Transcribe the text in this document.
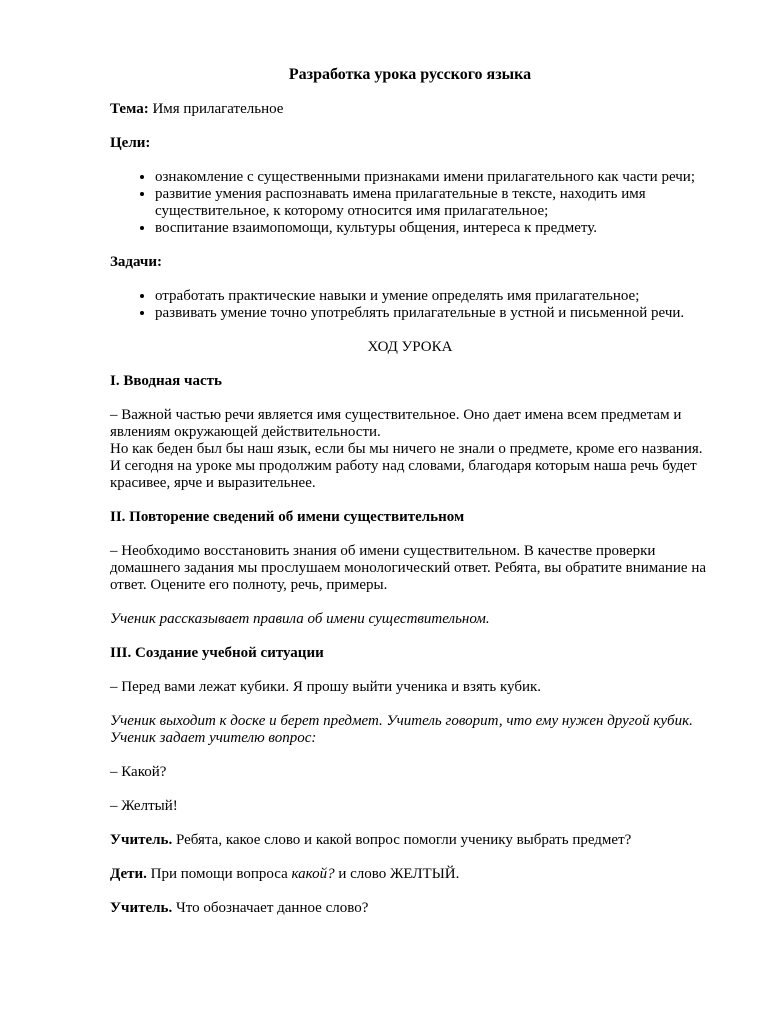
Разработка урока русского языка

Тема: Имя прилагательное

Цели:

• ознакомление с существенными признаками имени прилагательного как части речи;
• развитие умения распознавать имена прилагательные в тексте, находить имя существительное, к которому относится имя прилагательное;
• воспитание взаимопомощи, культуры общения, интереса к предмету.

Задачи:

• отработать практические навыки и умение определять имя прилагательное;
• развивать умение точно употреблять прилагательные в устной и письменной речи.

ХОД УРОКА

I. Вводная часть

– Важной частью речи является имя существительное. Оно дает имена всем предметам и явлениям окружающей действительности.
Но как беден был бы наш язык, если бы мы ничего не знали о предмете, кроме его названия.
И сегодня на уроке мы продолжим работу над словами, благодаря которым наша речь будет красивее, ярче и выразительнее.

II. Повторение сведений об имени существительном

– Необходимо восстановить знания об имени существительном. В качестве проверки домашнего задания мы прослушаем монологический ответ. Ребята, вы обратите внимание на ответ. Оцените его полноту, речь, примеры.

Ученик рассказывает правила об имени существительном.

III. Создание учебной ситуации

– Перед вами лежат кубики. Я прошу выйти ученика и взять кубик.

Ученик выходит к доске и берет предмет. Учитель говорит, что ему нужен другой кубик. Ученик задает учителю вопрос:

– Какой?

– Желтый!

Учитель. Ребята, какое слово и какой вопрос помогли ученику выбрать предмет?

Дети. При помощи вопроса какой? и слово ЖЕЛТЫЙ.

Учитель. Что обозначает данное слово?
